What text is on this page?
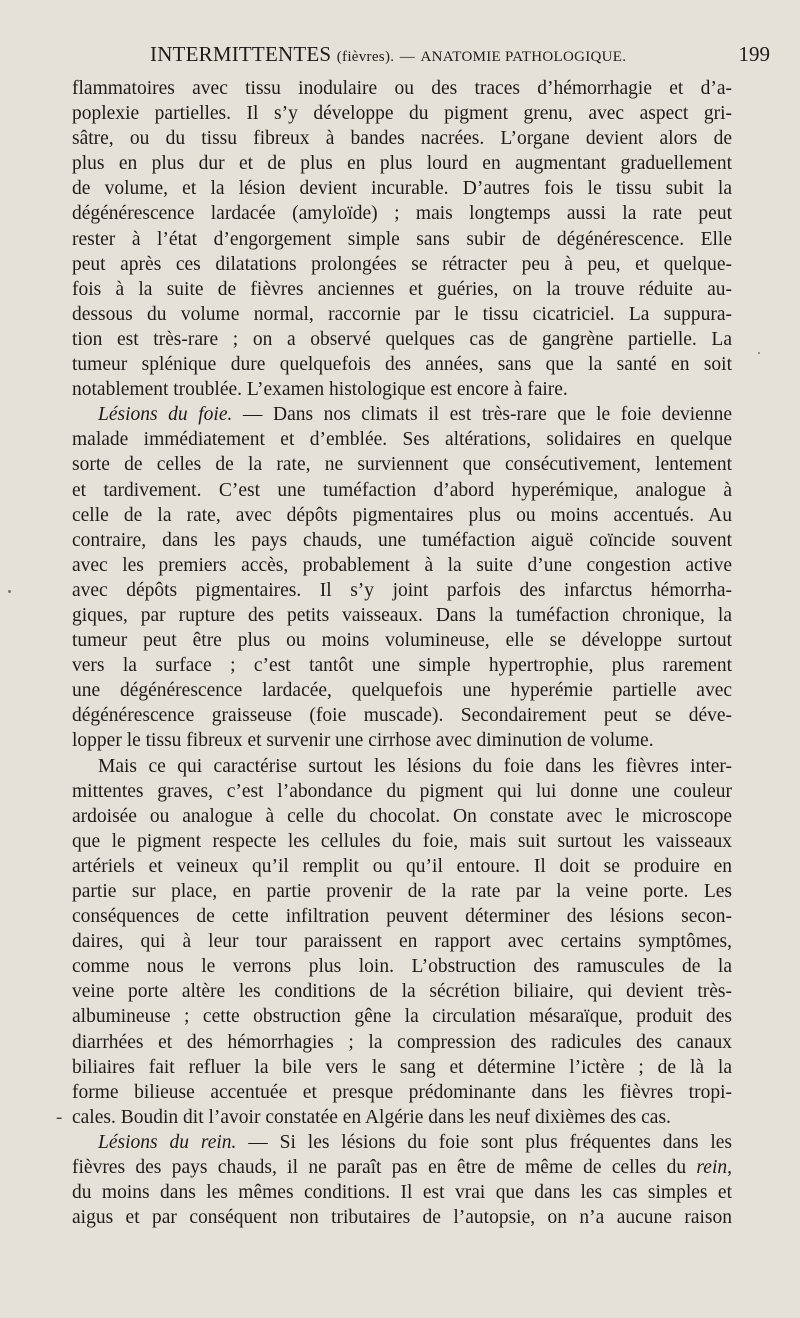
INTERMITTENTES (fièvres). — ANATOMIE PATHOLOGIQUE.	199
flammatoires avec tissu inodulaire ou des traces d’hémorrhagie et d’a-
poplexie partielles. Il s’y développe du pigment grenu, avec aspect gri-
sâtre, ou du tissu fibreux à bandes nacrées. L’organe devient alors de
plus en plus dur et de plus en plus lourd en augmentant graduellement
de volume, et la lésion devient incurable. D’autres fois le tissu subit la
dégénérescence lardacée (amyloïde) ; mais longtemps aussi la rate peut
rester à l’état d’engorgement simple sans subir de dégénérescence. Elle
peut après ces dilatations prolongées se rétracter peu à peu, et quelque-
fois à la suite de fièvres anciennes et guéries, on la trouve réduite au-
dessous du volume normal, raccornie par le tissu cicatriciel. La suppura-
tion est très-rare ; on a observé quelques cas de gangrène partielle. La
tumeur splénique dure quelquefois des années, sans que la santé en soit
notablement troublée. L’examen histologique est encore à faire.
Lésions du foie. — Dans nos climats il est très-rare que le foie devienne
malade immédiatement et d’emblée. Ses altérations, solidaires en quelque
sorte de celles de la rate, ne surviennent que consécutivement, lentement
et tardivement. C’est une tuméfaction d’abord hyperémique, analogue à
celle de la rate, avec dépôts pigmentaires plus ou moins accentués. Au
contraire, dans les pays chauds, une tuméfaction aiguë coïncide souvent
avec les premiers accès, probablement à la suite d’une congestion active
avec dépôts pigmentaires. Il s’y joint parfois des infarctus hémorrha-
giques, par rupture des petits vaisseaux. Dans la tuméfaction chronique, la
tumeur peut être plus ou moins volumineuse, elle se développe surtout
vers la surface ; c’est tantôt une simple hypertrophie, plus rarement
une dégénérescence lardacée, quelquefois une hyperémie partielle avec
dégénérescence graisseuse (foie muscade). Secondairement peut se déve-
lopper le tissu fibreux et survenir une cirrhose avec diminution de volume.
Mais ce qui caractérise surtout les lésions du foie dans les fièvres inter-
mittentes graves, c’est l’abondance du pigment qui lui donne une couleur
ardoisée ou analogue à celle du chocolat. On constate avec le microscope
que le pigment respecte les cellules du foie, mais suit surtout les vaisseaux
artériels et veineux qu’il remplit ou qu’il entoure. Il doit se produire en
partie sur place, en partie provenir de la rate par la veine porte. Les
conséquences de cette infiltration peuvent déterminer des lésions secon-
daires, qui à leur tour paraissent en rapport avec certains symptômes,
comme nous le verrons plus loin. L’obstruction des ramuscules de la
veine porte altère les conditions de la sécrétion biliaire, qui devient très-
albumineuse ; cette obstruction gêne la circulation mésaraïque, produit des
diarrhées et des hémorrhagies ; la compression des radicules des canaux
biliaires fait refluer la bile vers le sang et détermine l’ictère ; de là la
forme bilieuse accentuée et presque prédominante dans les fièvres tropi-
cales. Boudin dit l’avoir constatée en Algérie dans les neuf dixièmes des cas.
Lésions du rein. — Si les lésions du foie sont plus fréquentes dans les
fièvres des pays chauds, il ne paraît pas en être de même de celles du rein,
du moins dans les mêmes conditions. Il est vrai que dans les cas simples et
aigus et par conséquent non tributaires de l’autopsie, on n’a aucune raison
-
